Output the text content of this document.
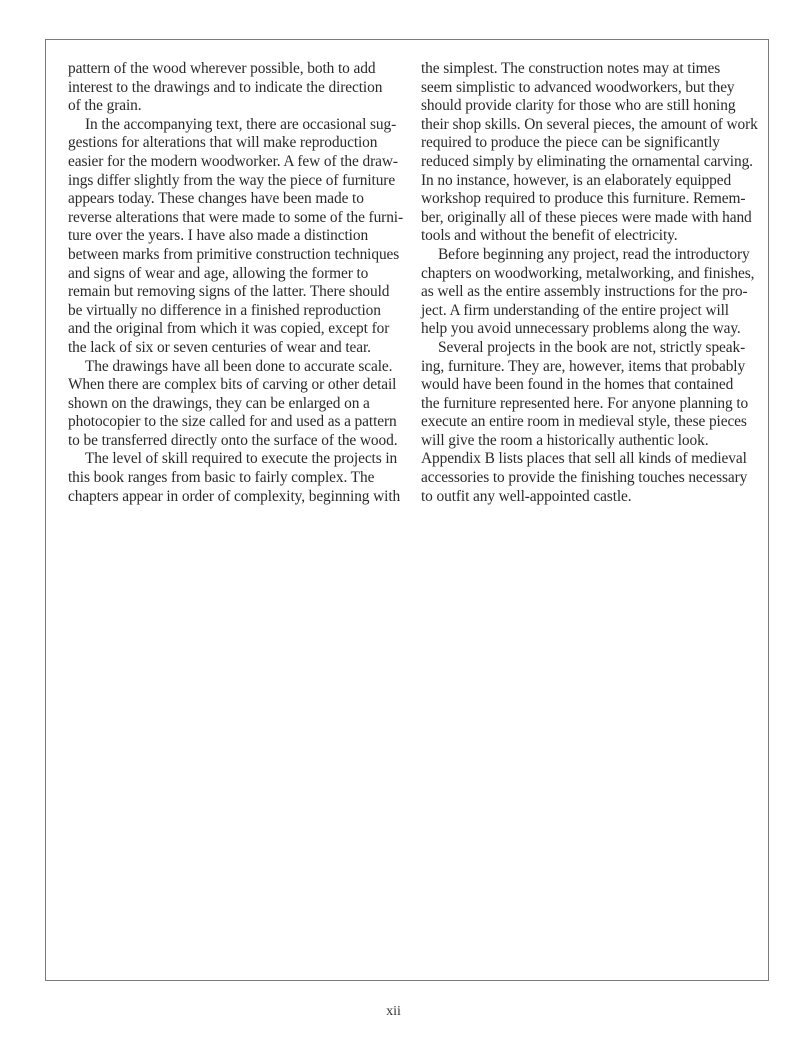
pattern of the wood wherever possible, both to add
interest to the drawings and to indicate the direction
of the grain.
In the accompanying text, there are occasional sug-
gestions for alterations that will make reproduction
easier for the modern woodworker. A few of the draw-
ings differ slightly from the way the piece of furniture
appears today. These changes have been made to
reverse alterations that were made to some of the furni-
ture over the years. I have also made a distinction
between marks from primitive construction techniques
and signs of wear and age, allowing the former to
remain but removing signs of the latter. There should
be virtually no difference in a finished reproduction
and the original from which it was copied, except for
the lack of six or seven centuries of wear and tear.
The drawings have all been done to accurate scale.
When there are complex bits of carving or other detail
shown on the drawings, they can be enlarged on a
photocopier to the size called for and used as a pattern
to be transferred directly onto the surface of the wood.
The level of skill required to execute the projects in
this book ranges from basic to fairly complex. The
chapters appear in order of complexity, beginning with
the simplest. The construction notes may at times
seem simplistic to advanced woodworkers, but they
should provide clarity for those who are still honing
their shop skills. On several pieces, the amount of work
required to produce the piece can be significantly
reduced simply by eliminating the ornamental carving.
In no instance, however, is an elaborately equipped
workshop required to produce this furniture. Remem-
ber, originally all of these pieces were made with hand
tools and without the benefit of electricity.
Before beginning any project, read the introductory
chapters on woodworking, metalworking, and finishes,
as well as the entire assembly instructions for the pro-
ject. A firm understanding of the entire project will
help you avoid unnecessary problems along the way.
Several projects in the book are not, strictly speak-
ing, furniture. They are, however, items that probably
would have been found in the homes that contained
the furniture represented here. For anyone planning to
execute an entire room in medieval style, these pieces
will give the room a historically authentic look.
Appendix B lists places that sell all kinds of medieval
accessories to provide the finishing touches necessary
to outfit any well-appointed castle.
xii
